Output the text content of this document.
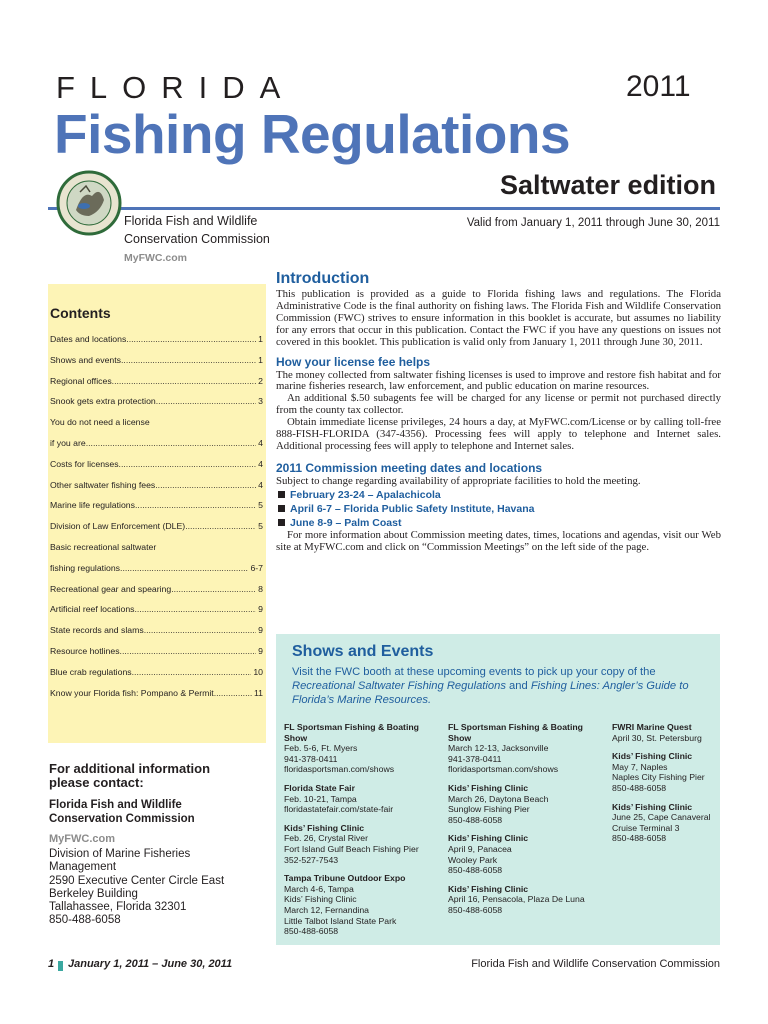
FLORIDA	2011
Fishing Regulations
Saltwater edition
Florida Fish and Wildlife
Conservation Commission
MyFWC.com
Valid from January 1, 2011 through June 30, 2011
Contents
Dates and locations. .....	1
Shows and events .....	1
Regional offices. .....	2
Snook gets extra protection .....	3
You do not need a license
if you are .....	4
Costs for licenses. .....	4
Other saltwater fishing fees .....	4
Marine life regulations .....	5
Division of Law Enforcement (DLE) .....	5
Basic recreational saltwater
fishing regulations .....	6-7
Recreational gear and spearing .....	8
Artificial reef locations .....	9
State records and slams .....	9
Resource hotlines .....	9
Blue crab regulations .....	10
Know your Florida fish: Pompano & Permit .....	11
For additional information
please contact:
Florida Fish and Wildlife
Conservation Commission
MyFWC.com
Division of Marine Fisheries
Management
2590 Executive Center Circle East
Berkeley Building
Tallahassee, Florida 32301
850-488-6058
Introduction

This publication is provided as a guide to Florida fishing laws and regulations. The Florida Administrative Code is the final authority on fishing laws. The Florida Fish and Wildlife Conservation Commission (FWC) strives to ensure information in this booklet is accurate, but assumes no liability for any errors that occur in this publication. Contact the FWC if you have any questions on issues not covered in this booklet. This publication is valid only from January 1, 2011 through June 30, 2011.

How your license fee helps

The money collected from saltwater fishing licenses is used to improve and restore fish habitat and for marine fisheries research, law enforcement, and public education on marine resources.

An additional $.50 subagents fee will be charged for any license or permit not purchased directly from the county tax collector.

Obtain immediate license privileges, 24 hours a day, at MyFWC.com/License or by calling toll-free 888-FISH-FLORIDA (347-4356). Processing fees will apply to telephone and Internet sales. Additional processing fees will apply to telephone and Internet sales.

2011 Commission meeting dates and locations

Subject to change regarding availability of appropriate facilities to hold the meeting.

February 23-24 – Apalachicola
April 6-7 – Florida Public Safety Institute, Havana
June 8-9 – Palm Coast

For more information about Commission meeting dates, times, locations and agendas, visit our Web site at MyFWC.com and click on “Commission Meetings” on the left side of the page.

Shows and Events
Visit the FWC booth at these upcoming events to pick up your copy of the Recreational Saltwater Fishing Regulations and Fishing Lines: Angler’s Guide to Florida’s Marine Resources.
FL Sportsman Fishing & Boating Show
Feb. 5-6, Ft. Myers
941-378-0411
floridasportsman.com/shows
Florida State Fair
Feb. 10-21, Tampa
floridastatefair.com/state-fair
Kids’ Fishing Clinic
Feb. 26, Crystal River
Fort Island Gulf Beach Fishing Pier
352-527-7543
Tampa Tribune Outdoor Expo
March 4-6, Tampa
Kids’ Fishing Clinic
March 12, Fernandina
Little Talbot Island State Park
850-488-6058
FL Sportsman Fishing & Boating Show
March 12-13, Jacksonville
941-378-0411
floridasportsman.com/shows
Kids’ Fishing Clinic
March 26, Daytona Beach
Sunglow Fishing Pier
850-488-6058
Kids’ Fishing Clinic
April 9, Panacea
Wooley Park
850-488-6058
Kids’ Fishing Clinic
April 16, Pensacola, Plaza De Luna
850-488-6058
FWRI Marine Quest
April 30, St. Petersburg
Kids’ Fishing Clinic
May 7, Naples
Naples City Fishing Pier
850-488-6058
Kids’ Fishing Clinic
June 25, Cape Canaveral
Cruise Terminal 3
850-488-6058
1 January 1, 2011 – June 30, 2011	Florida Fish and Wildlife Conservation Commission
